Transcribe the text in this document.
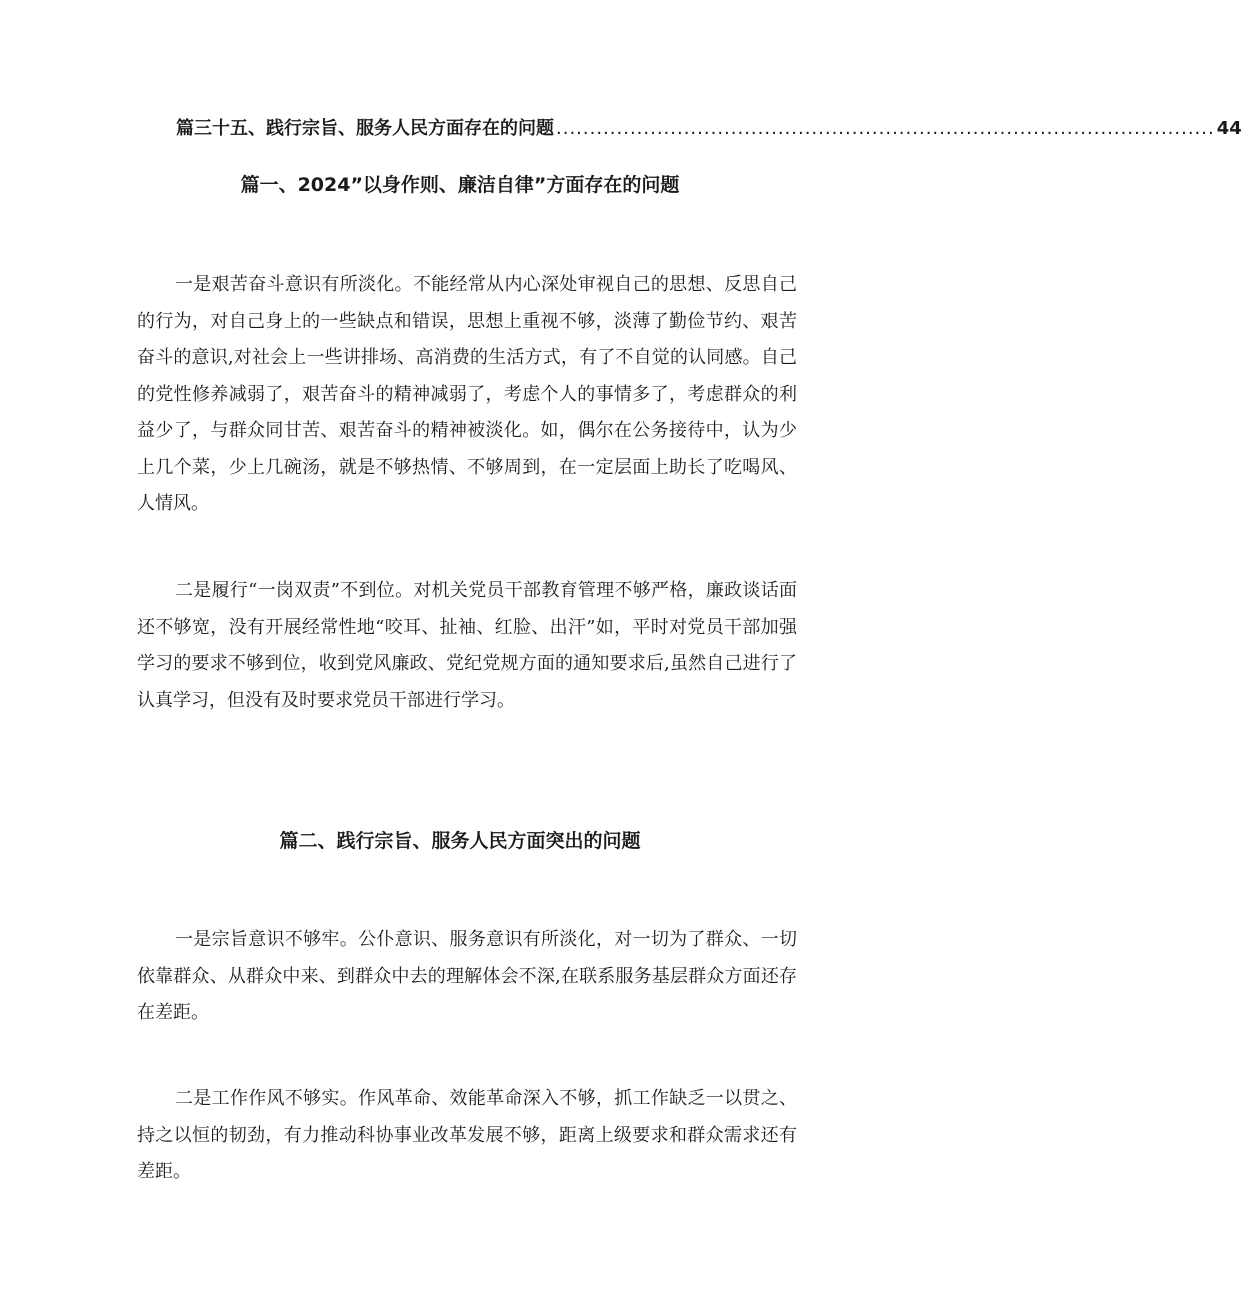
篇三十五、践行宗旨、服务人民方面存在的问题 .................................................................................................. 44
篇一、2024”以身作则、廉洁自律”方面存在的问题

一是艰苦奋斗意识有所淡化。不能经常从内心深处审视自己的思想、反思自己的行为，对自己身上的一些缺点和错误，思想上重视不够，淡薄了勤俭节约、艰苦奋斗的意识,对社会上一些讲排场、高消费的生活方式，有了不自觉的认同感。自己的党性修养减弱了，艰苦奋斗的精神减弱了，考虑个人的事情多了，考虑群众的利益少了，与群众同甘苦、艰苦奋斗的精神被淡化。如，偶尔在公务接待中，认为少上几个菜，少上几碗汤，就是不够热情、不够周到，在一定层面上助长了吃喝风、人情风。

二是履行“一岗双责”不到位。对机关党员干部教育管理不够严格，廉政谈话面还不够宽，没有开展经常性地“咬耳、扯袖、红脸、出汗”如，平时对党员干部加强学习的要求不够到位，收到党风廉政、党纪党规方面的通知要求后,虽然自己进行了认真学习，但没有及时要求党员干部进行学习。

篇二、践行宗旨、服务人民方面突出的问题

一是宗旨意识不够牢。公仆意识、服务意识有所淡化，对一切为了群众、一切依靠群众、从群众中来、到群众中去的理解体会不深,在联系服务基层群众方面还存在差距。

二是工作作风不够实。作风革命、效能革命深入不够，抓工作缺乏一以贯之、持之以恒的韧劲，有力推动科协事业改革发展不够，距离上级要求和群众需求还有差距。
